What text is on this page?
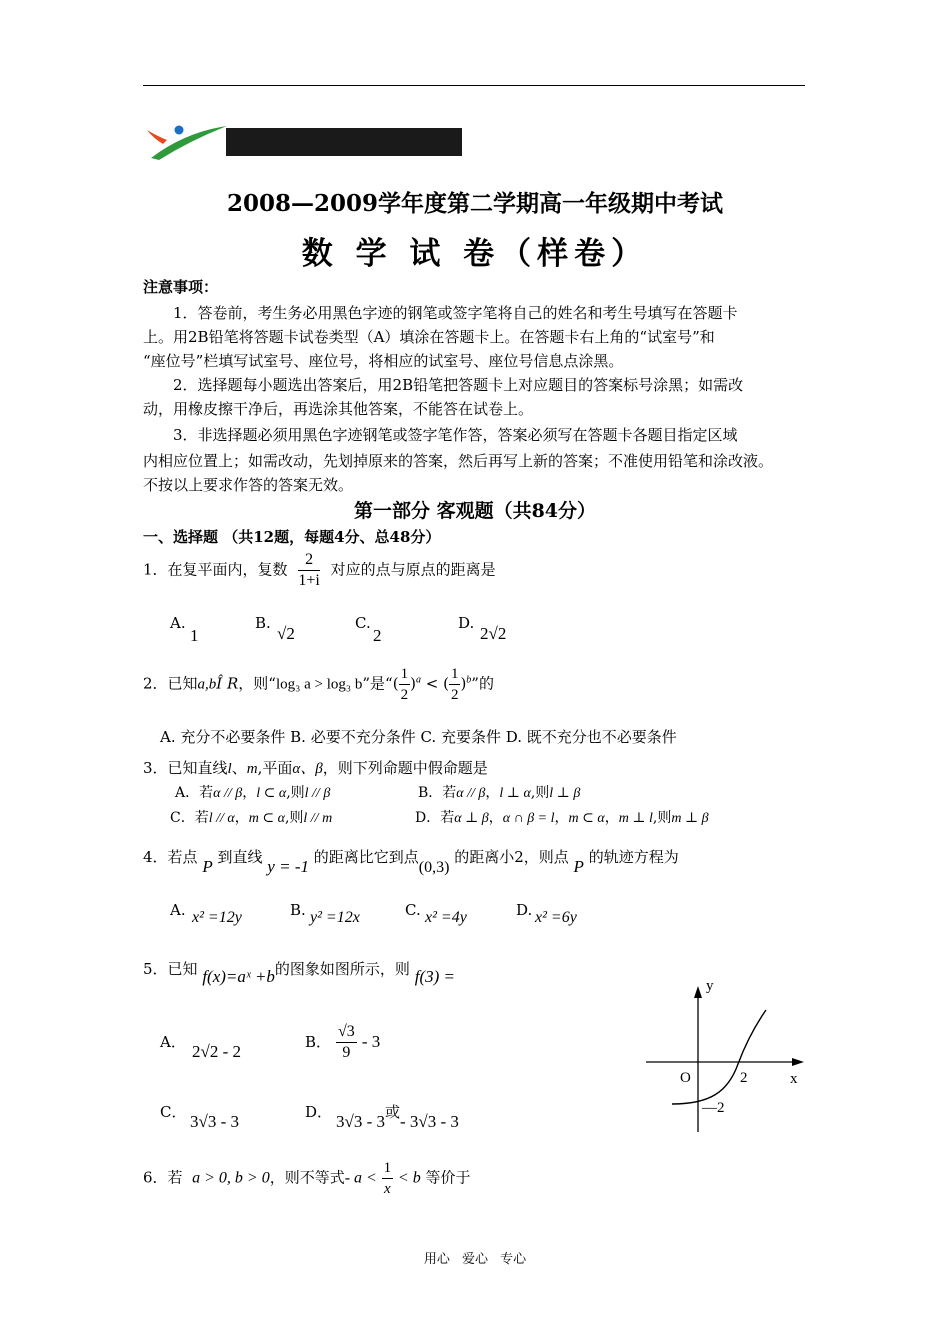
2008—2009学年度第二学期高一年级期中考试
数 学 试 卷（样卷）
注意事项：
1．答卷前，考生务必用黑色字迹的钢笔或签字笔将自己的姓名和考生号填写在答题卡
上。用2B铅笔将答题卡试卷类型（A）填涂在答题卡上。在答题卡右上角的“试室号”和
“座位号”栏填写试室号、座位号，将相应的试室号、座位号信息点涂黑。
2．选择题每小题选出答案后，用2B铅笔把答题卡上对应题目的答案标号涂黑；如需改
动，用橡皮擦干净后，再选涂其他答案，不能答在试卷上。
3．非选择题必须用黑色字迹钢笔或签字笔作答，答案必须写在答题卡各题目指定区域
内相应位置上；如需改动，先划掉原来的答案，然后再写上新的答案；不准使用铅笔和涂改液。
不按以上要求作答的答案无效。
第一部分 客观题（共84分）
一、选择题 （共12题，每题4分、总48分）
1．在复平面内，复数 $\frac{2}{1+i}$ 对应的点与原点的距离是
A.
1
B.
√2
C.
2
D.
2√2
2．已知a,bÎ R，则“log₃ a > log₃ b”是“( $\frac{1}{2} )^a$ < ( $\frac{1}{2} )^b$”的
A. 充分不必要条件 B. 必要不充分条件 C. 充要条件 D. 既不充分也不必要条件
3．已知直线l、m,平面α、β，则下列命题中假命题是
A．若α // β，l ⊂ α,则l // β	B．若α // β，l ⊥ α,则l ⊥ β
C．若l // α，m ⊂ α,则l // m	D．若α ⊥ β，α ∩ β = l，m ⊂ α，m ⊥ l,则m ⊥ β
4．若点 P 到直线 y = -1 的距离比它到点(0,3) 的距离小2，则点 P 的轨迹方程为
A. x² =12y	B. y² =12x	C. x² =4y	D. x² =6y
5．已知 f(x)=aˣ +b的图象如图所示，则 f(3) =
A． 2√2 - 2	B． $\frac{√3}{9} - 3$
C． 3√3 - 3	D． 3√3 - 3或- 3√3 - 3
y
x
O	2
—2
6．若 a > 0, b > 0，则不等式- $a < \frac{1}{x} < b$ 等价于
用心 爱心 专心
